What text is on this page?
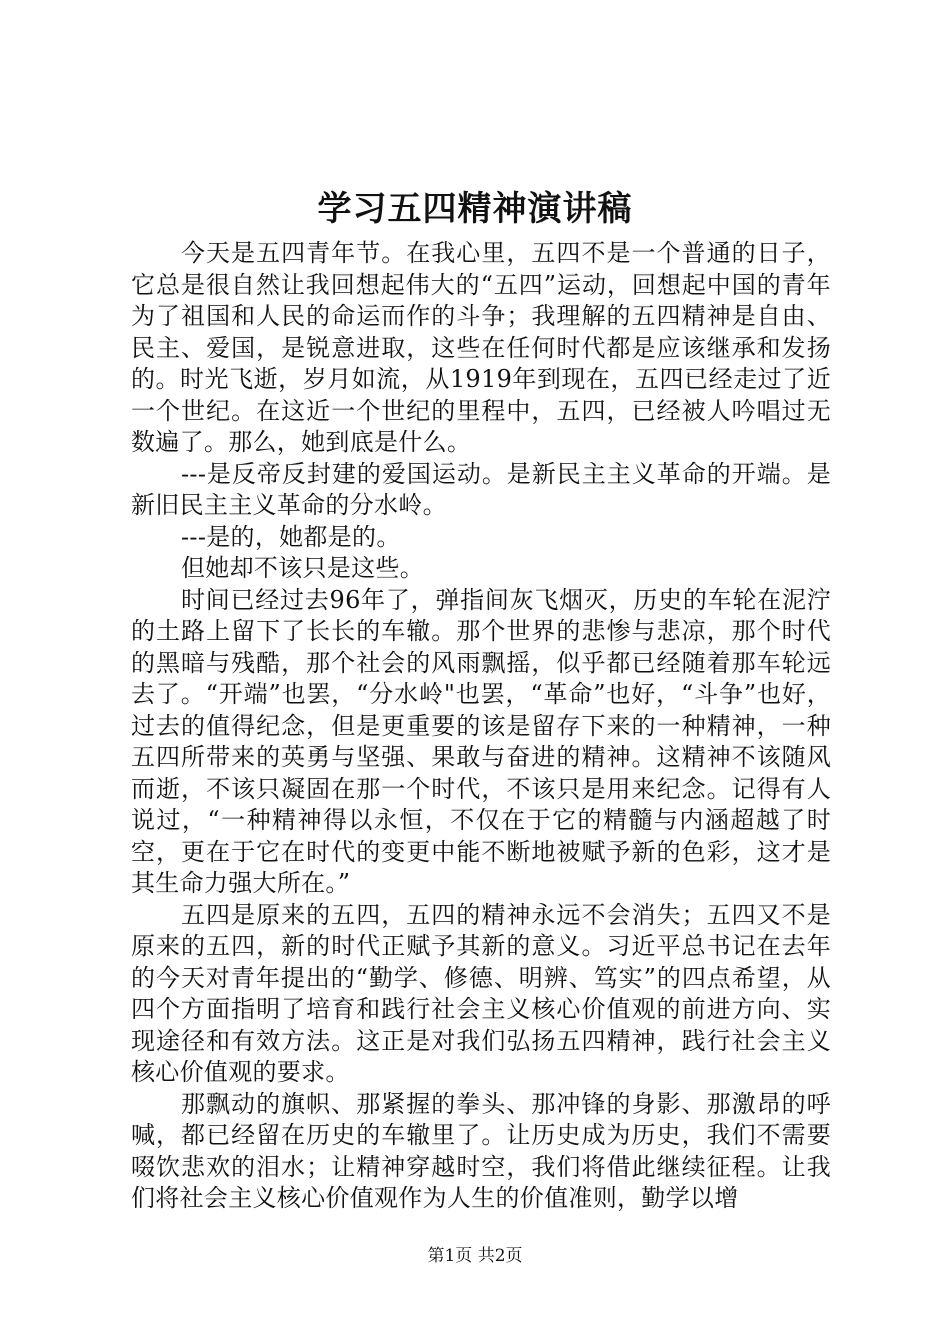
学习五四精神演讲稿

今天是五四青年节。在我心里，五四不是一个普通的日子，它总是很自然让我回想起伟大的“五四”运动，回想起中国的青年为了祖国和人民的命运而作的斗争；我理解的五四精神是自由、民主、爱国，是锐意进取，这些在任何时代都是应该继承和发扬的。时光飞逝，岁月如流，从1919年到现在，五四已经走过了近一个世纪。在这近一个世纪的里程中，五四，已经被人吟唱过无数遍了。那么，她到底是什么。

---是反帝反封建的爱国运动。是新民主主义革命的开端。是新旧民主主义革命的分水岭。

---是的，她都是的。

但她却不该只是这些。

时间已经过去96年了，弹指间灰飞烟灭，历史的车轮在泥泞的土路上留下了长长的车辙。那个世界的悲惨与悲凉，那个时代的黑暗与残酷，那个社会的风雨飘摇，似乎都已经随着那车轮远去了。“开端”也罢，“分水岭"也罢，“革命”也好，“斗争”也好，过去的值得纪念，但是更重要的该是留存下来的一种精神，一种五四所带来的英勇与坚强、果敢与奋进的精神。这精神不该随风而逝，不该只凝固在那一个时代，不该只是用来纪念。记得有人说过，“一种精神得以永恒，不仅在于它的精髓与内涵超越了时空，更在于它在时代的变更中能不断地被赋予新的色彩，这才是其生命力强大所在。”

五四是原来的五四，五四的精神永远不会消失；五四又不是原来的五四，新的时代正赋予其新的意义。习近平总书记在去年的今天对青年提出的“勤学、修德、明辨、笃实”的四点希望，从四个方面指明了培育和践行社会主义核心价值观的前进方向、实现途径和有效方法。这正是对我们弘扬五四精神，践行社会主义核心价值观的要求。

那飘动的旗帜、那紧握的拳头、那冲锋的身影、那激昂的呼喊，都已经留在历史的车辙里了。让历史成为历史，我们不需要啜饮悲欢的泪水；让精神穿越时空，我们将借此继续征程。让我们将社会主义核心价值观作为人生的价值准则，勤学以增

第1页 共2页
